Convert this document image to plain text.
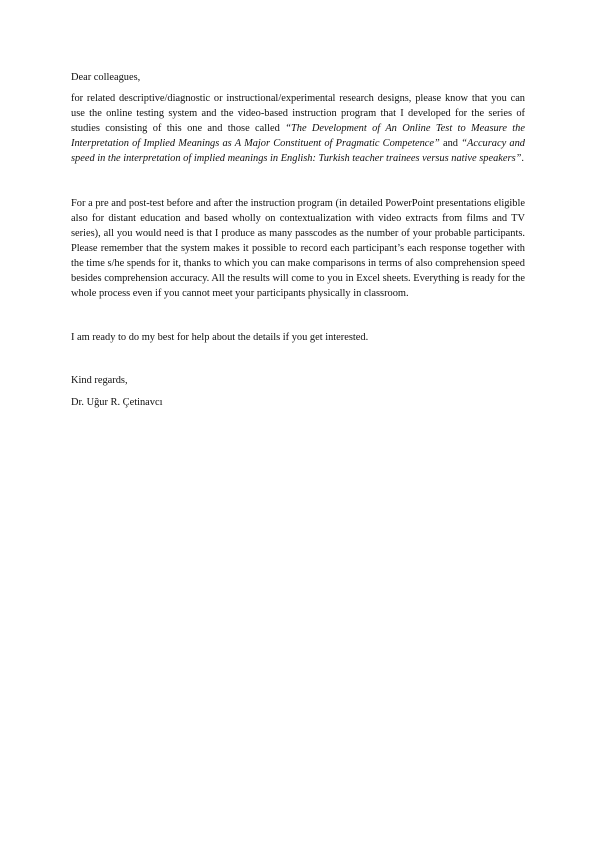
Dear colleagues,

for related descriptive/diagnostic or instructional/experimental research designs, please know that you can use the online testing system and the video-based instruction program that I developed for the series of studies consisting of this one and those called “The Development of An Online Test to Measure the Interpretation of Implied Meanings as A Major Constituent of Pragmatic Competence” and “Accuracy and speed in the interpretation of implied meanings in English: Turkish teacher trainees versus native speakers”.

For a pre and post-test before and after the instruction program (in detailed PowerPoint presentations eligible also for distant education and based wholly on contextualization with video extracts from films and TV series), all you would need is that I produce as many passcodes as the number of your probable participants. Please remember that the system makes it possible to record each participant’s each response together with the time s/he spends for it, thanks to which you can make comparisons in terms of also comprehension speed besides comprehension accuracy. All the results will come to you in Excel sheets. Everything is ready for the whole process even if you cannot meet your participants physically in classroom.

I am ready to do my best for help about the details if you get interested.

Kind regards,

Dr. Uğur R. Çetinavcı
